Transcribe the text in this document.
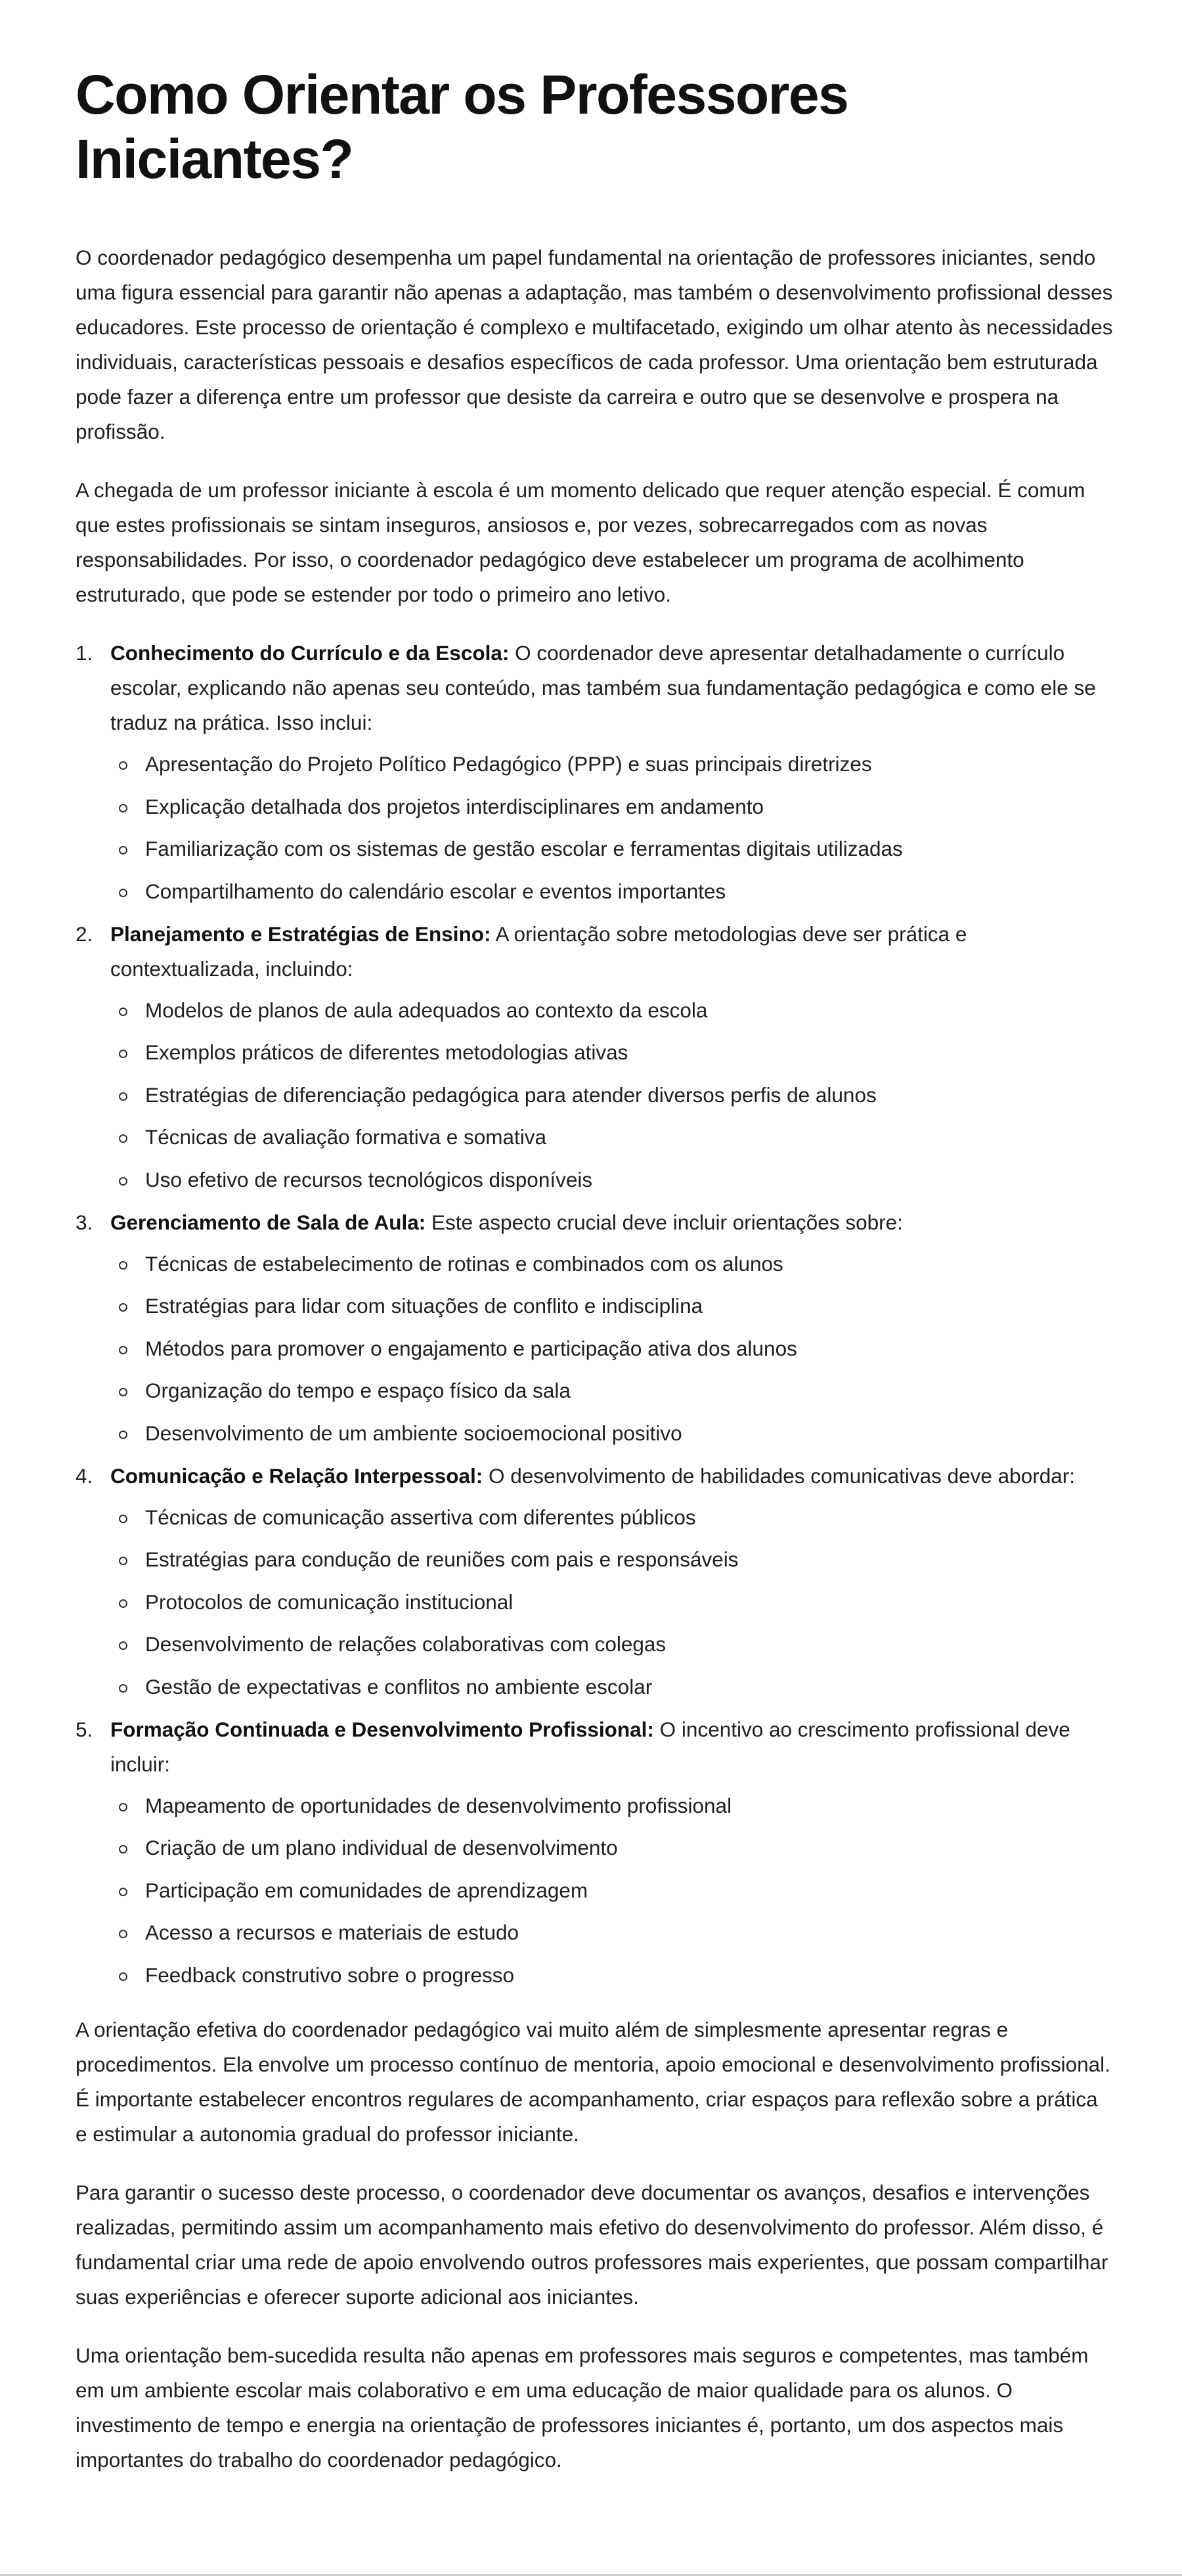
Como Orientar os Professores Iniciantes?

O coordenador pedagógico desempenha um papel fundamental na orientação de professores iniciantes, sendo uma figura essencial para garantir não apenas a adaptação, mas também o desenvolvimento profissional desses educadores. Este processo de orientação é complexo e multifacetado, exigindo um olhar atento às necessidades individuais, características pessoais e desafios específicos de cada professor. Uma orientação bem estruturada pode fazer a diferença entre um professor que desiste da carreira e outro que se desenvolve e prospera na profissão.

A chegada de um professor iniciante à escola é um momento delicado que requer atenção especial. É comum que estes profissionais se sintam inseguros, ansiosos e, por vezes, sobrecarregados com as novas responsabilidades. Por isso, o coordenador pedagógico deve estabelecer um programa de acolhimento estruturado, que pode se estender por todo o primeiro ano letivo.

1. Conhecimento do Currículo e da Escola: O coordenador deve apresentar detalhadamente o currículo escolar, explicando não apenas seu conteúdo, mas também sua fundamentação pedagógica e como ele se traduz na prática. Isso inclui:
Apresentação do Projeto Político Pedagógico (PPP) e suas principais diretrizes
Explicação detalhada dos projetos interdisciplinares em andamento
Familiarização com os sistemas de gestão escolar e ferramentas digitais utilizadas
Compartilhamento do calendário escolar e eventos importantes
2. Planejamento e Estratégias de Ensino: A orientação sobre metodologias deve ser prática e contextualizada, incluindo:
Modelos de planos de aula adequados ao contexto da escola
Exemplos práticos de diferentes metodologias ativas
Estratégias de diferenciação pedagógica para atender diversos perfis de alunos
Técnicas de avaliação formativa e somativa
Uso efetivo de recursos tecnológicos disponíveis
3. Gerenciamento de Sala de Aula: Este aspecto crucial deve incluir orientações sobre:
Técnicas de estabelecimento de rotinas e combinados com os alunos
Estratégias para lidar com situações de conflito e indisciplina
Métodos para promover o engajamento e participação ativa dos alunos
Organização do tempo e espaço físico da sala
Desenvolvimento de um ambiente socioemocional positivo
4. Comunicação e Relação Interpessoal: O desenvolvimento de habilidades comunicativas deve abordar:
Técnicas de comunicação assertiva com diferentes públicos
Estratégias para condução de reuniões com pais e responsáveis
Protocolos de comunicação institucional
Desenvolvimento de relações colaborativas com colegas
Gestão de expectativas e conflitos no ambiente escolar
5. Formação Continuada e Desenvolvimento Profissional: O incentivo ao crescimento profissional deve incluir:
Mapeamento de oportunidades de desenvolvimento profissional
Criação de um plano individual de desenvolvimento
Participação em comunidades de aprendizagem
Acesso a recursos e materiais de estudo
Feedback construtivo sobre o progresso

A orientação efetiva do coordenador pedagógico vai muito além de simplesmente apresentar regras e procedimentos. Ela envolve um processo contínuo de mentoria, apoio emocional e desenvolvimento profissional. É importante estabelecer encontros regulares de acompanhamento, criar espaços para reflexão sobre a prática e estimular a autonomia gradual do professor iniciante.

Para garantir o sucesso deste processo, o coordenador deve documentar os avanços, desafios e intervenções realizadas, permitindo assim um acompanhamento mais efetivo do desenvolvimento do professor. Além disso, é fundamental criar uma rede de apoio envolvendo outros professores mais experientes, que possam compartilhar suas experiências e oferecer suporte adicional aos iniciantes.

Uma orientação bem-sucedida resulta não apenas em professores mais seguros e competentes, mas também em um ambiente escolar mais colaborativo e em uma educação de maior qualidade para os alunos. O investimento de tempo e energia na orientação de professores iniciantes é, portanto, um dos aspectos mais importantes do trabalho do coordenador pedagógico.
